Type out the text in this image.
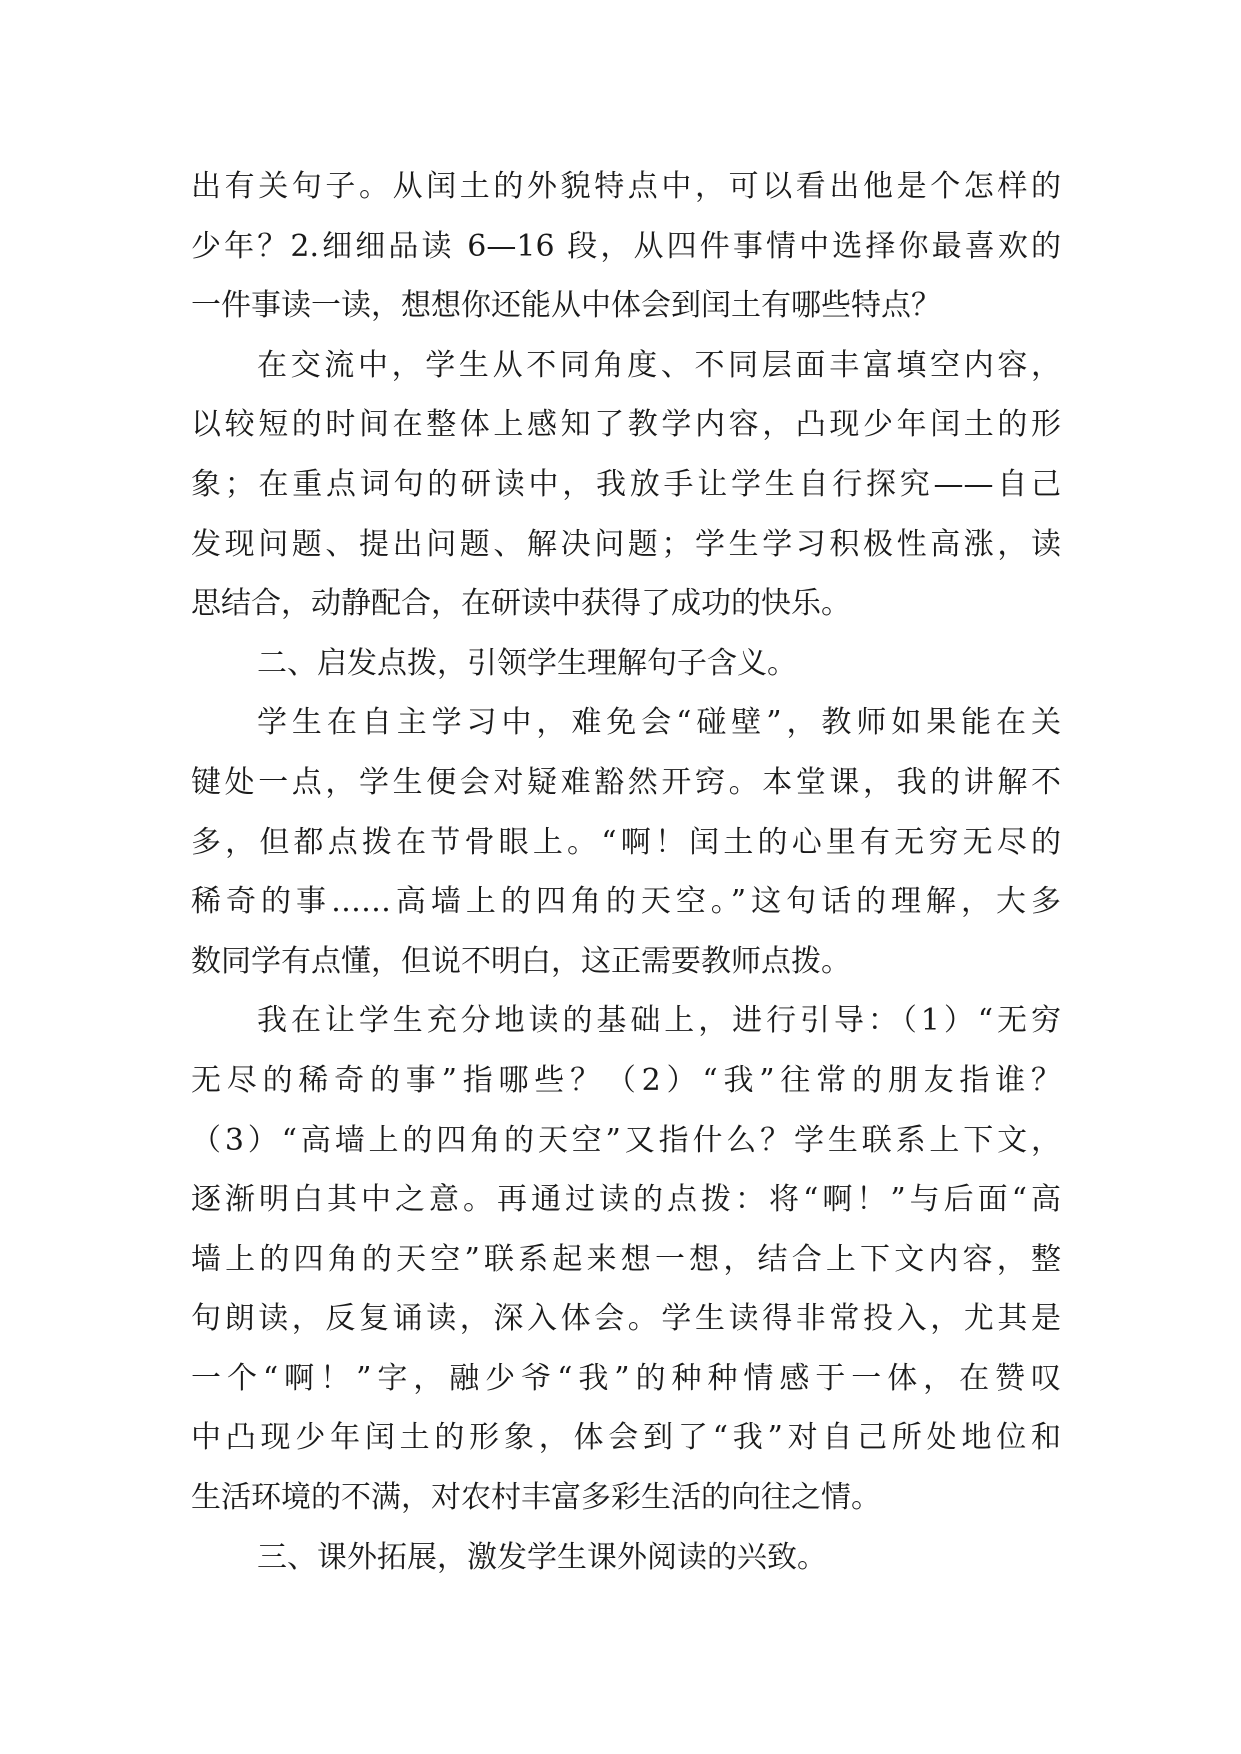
出有关句子。从闰土的外貌特点中，可以看出他是个怎样的
少年？2.细细品读 6—16 段，从四件事情中选择你最喜欢的
一件事读一读，想想你还能从中体会到闰土有哪些特点？
在交流中，学生从不同角度、不同层面丰富填空内容，
以较短的时间在整体上感知了教学内容，凸现少年闰土的形
象；在重点词句的研读中，我放手让学生自行探究——自己
发现问题、提出问题、解决问题；学生学习积极性高涨，读
思结合，动静配合，在研读中获得了成功的快乐。
二、启发点拨，引领学生理解句子含义。
学生在自主学习中，难免会“碰壁”，教师如果能在关
键处一点，学生便会对疑难豁然开窍。本堂课，我的讲解不
多，但都点拨在节骨眼上。“啊！闰土的心里有无穷无尽的
稀奇的事……高墙上的四角的天空。”这句话的理解，大多
数同学有点懂，但说不明白，这正需要教师点拨。
我在让学生充分地读的基础上，进行引导：（1）“无穷
无尽的稀奇的事”指哪些？（2）“我”往常的朋友指谁？
（3）“高墙上的四角的天空”又指什么？学生联系上下文，
逐渐明白其中之意。再通过读的点拨：将“啊！”与后面“高
墙上的四角的天空”联系起来想一想，结合上下文内容，整
句朗读，反复诵读，深入体会。学生读得非常投入，尤其是
一个“啊！”字，融少爷“我”的种种情感于一体，在赞叹
中凸现少年闰土的形象，体会到了“我”对自己所处地位和
生活环境的不满，对农村丰富多彩生活的向往之情。
三、课外拓展，激发学生课外阅读的兴致。
